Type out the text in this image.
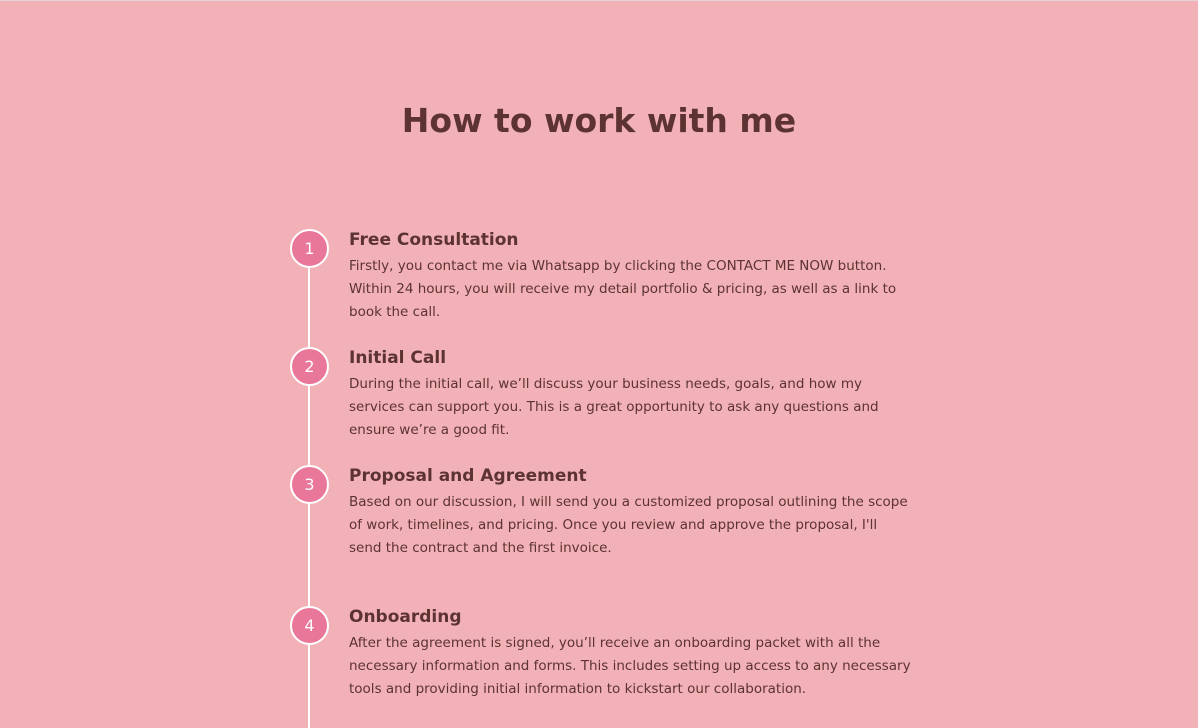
How to work with me
1	Free Consultation

Firstly, you contact me via Whatsapp by clicking the CONTACT ME NOW button. Within 24 hours, you will receive my detail portfolio & pricing, as well as a link to book the call.

2	Initial Call

During the initial call, we’ll discuss your business needs, goals, and how my services can support you. This is a great opportunity to ask any questions and ensure we’re a good fit.

3	Proposal and Agreement

Based on our discussion, I will send you a customized proposal outlining the scope of work, timelines, and pricing. Once you review and approve the proposal, I'll send the contract and the first invoice.

4	Onboarding

After the agreement is signed, you’ll receive an onboarding packet with all the necessary information and forms. This includes setting up access to any necessary tools and providing initial information to kickstart our collaboration.
